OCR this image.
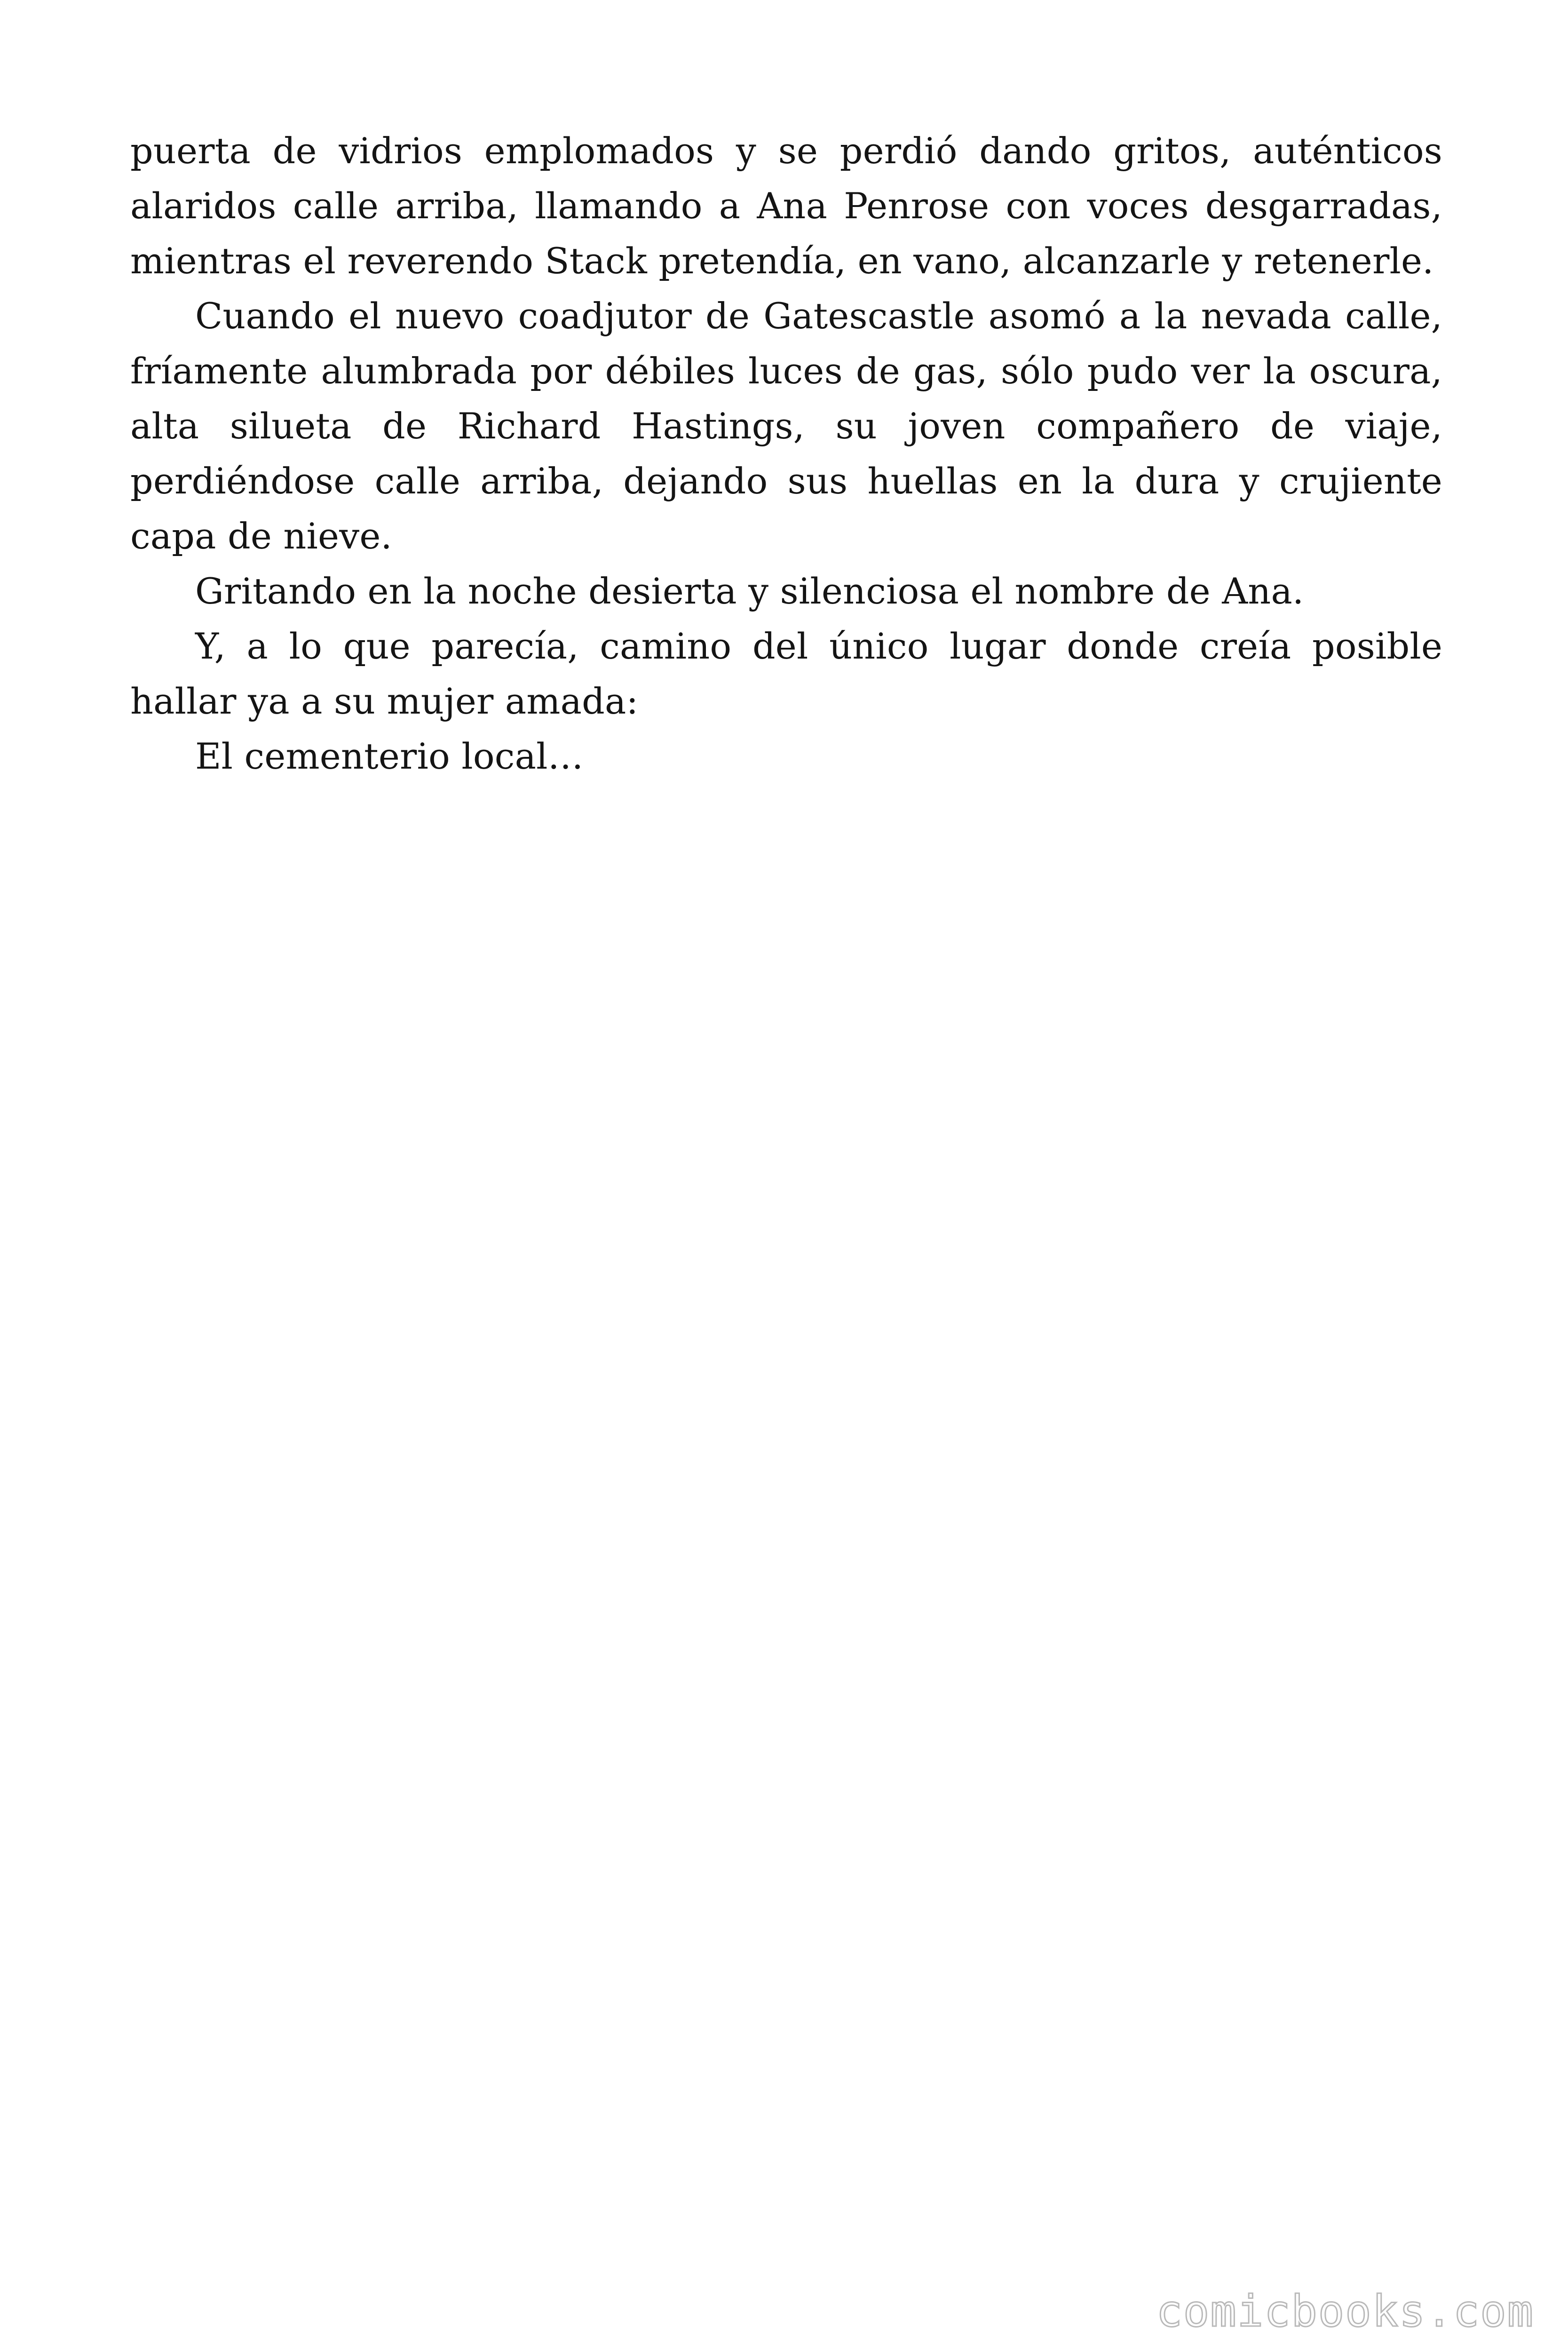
puerta de vidrios emplomados y se perdió dando gritos, auténticos alaridos calle arriba, llamando a Ana Penrose con voces desgarradas, mientras el reverendo Stack pretendía, en vano, alcanzarle y retenerle.

Cuando el nuevo coadjutor de Gatescastle asomó a la nevada calle, fríamente alumbrada por débiles luces de gas, sólo pudo ver la oscura, alta silueta de Richard Hastings, su joven compañero de viaje, perdiéndose calle arriba, dejando sus huellas en la dura y crujiente capa de nieve.

Gritando en la noche desierta y silenciosa el nombre de Ana.

Y, a lo que parecía, camino del único lugar donde creía posible hallar ya a su mujer amada:

El cementerio local…

comicbooks.com
